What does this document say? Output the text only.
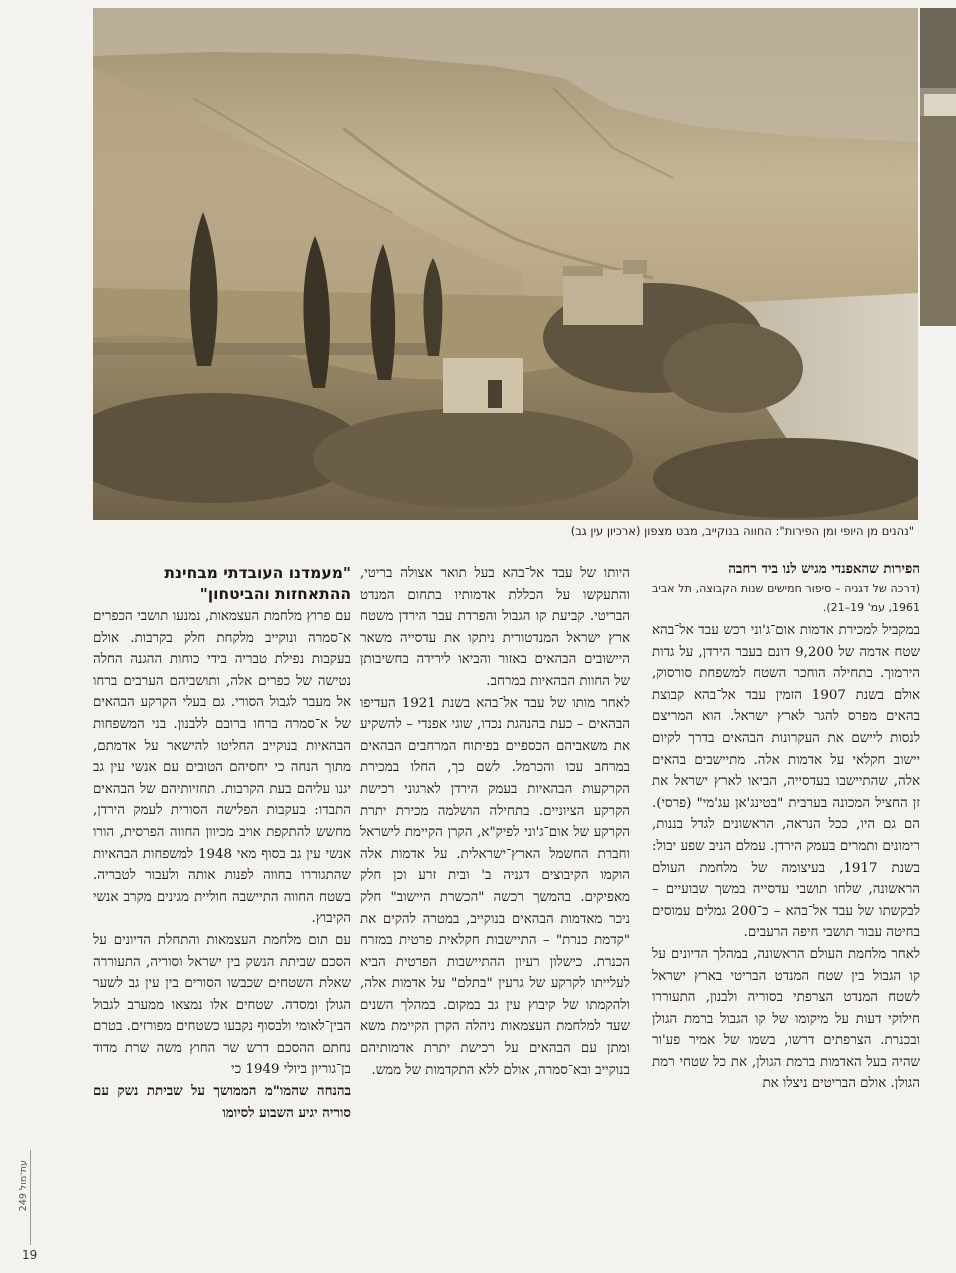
"נהנים מן היופי ומן הפירות": החווה בנוקייב, מבט מצפון (ארכיון עין גב)

הפירות שהאפנדי מגיש לנו ביד רחבה

(דרכה של דגניה – סיפור חמישים שנות הקבוצה, תל אביב 1961, עמ' 19–21).

במקביל למכירת אדמות אום־ג'וני רכש עבד אל־בהא שטח אדמה של 9,200 דונם בעבר הירדן, על גדות הירמוך. בתחילה הוחכר השטח למשפחת סורסוק, אולם בשנת 1907 הזמין עבד אל־בהא קבוצת בהאים מפרס להגר לארץ ישראל. הוא המריצם לנסות ליישם את העקרונות הבהאים בדרך לקיום יישוב חקלאי על אדמות אלה. מתיישבים בהאים אלה, שהתיישבו בעדסייה, הביאו לארץ ישראל את זן החציל המכונה בערבית "בטינג'אן עג'מי" (פרסי). הם גם היו, ככל הנראה, הראשונים לגדל בננות, רימונים ותמרים בעמק הירדן. עמלם הניב שפע יבול: בשנת 1917, בעיצומה של מלחמת העולם הראשונה, שלחו תושבי עדסייה במשך שבועיים – לבקשתו של עבד אל־בהא – כ־200 גמלים עמוסים בחיטה עבור תושבי חיפה הרעבים.

לאחר מלחמת העולם הראשונה, במהלך הדיונים על קו הגבול בין שטח המנדט הבריטי בארץ ישראל לשטח המנדט הצרפתי בסוריה ולבנון, התעוררו חילוקי דעות על מיקומו של קו הגבול ברמת הגולן ובכנרת. הצרפתים דרשו, בשמו של אמיר פע'ור שהיה בעל האדמות ברמת הגולן, את כל שטחי רמת הגולן. אולם הבריטים ניצלו את

היותו של עבד אל־בהא בעל תואר אצולה בריטי, והתעקשו על הכללת אדמותיו בתחום המנדט הבריטי. קביעת קו הגבול והפרדת עבר הירדן משטח ארץ ישראל המנדטורית ניתקו את עדסייה משאר היישובים הבהאים באזור והביאו לירידה בחשיבותן של החוות הבהאיות במרחב.

לאחר מותו של עבד אל־בהא בשנת 1921 העדיפו הבהאים – כעת בהנהגת נכדו, שוגי אפנדי – להשקיע את משאביהם הכספיים בפיתוח המרחבים הבהאים במרחב עכו והכרמל. לשם כך, החלו במכירת הקרקעות הבהאיות בעמק הירדן לארגוני רכישת הקרקע הציוניים. בתחילה הושלמה מכירת יתרת הקרקע של אום־ג'וני לפיק"א, הקרן הקיימת לישראל וחברת החשמל הארץ־ישראלית. על אדמות אלה הוקמו הקיבוצים דגניה ב' ובית זרע וכן חלק מאפיקים. בהמשך רכשה "הכשרת היישוב" חלק ניכר מאדמות הבהאים בנוקייב, במטרה להקים את "קדמת כנרת" – התיישבות חקלאית פרטית במזרח הכנרת. כישלון רעיון ההתיישבות הפרטית הביא לעלייתו לקרקע של גרעין "בתלם" על אדמות אלה, ולהקמתו של קיבוץ עין גב במקום. במהלך השנים שעד למלחמת העצמאות ניהלה הקרן הקיימת משא ומתן עם הבהאים על רכישת יתרת אדמותיהם בנוקייב ובא־סמרה, אולם ללא התקדמות של ממש.

"מעמדנו העובדתי מבחינת ההתאחזות והביטחון"

עם פרוץ מלחמת העצמאות, נמנעו תושבי הכפרים א־סמרה ונוקייב מלקחת חלק בקרבות. אולם בעקבות נפילת טבריה בידי כוחות ההגנה החלה נטישה של כפרים אלה, ותושביהם הערבים ברחו אל מעבר לגבול הסורי. גם בעלי הקרקע הבהאים של א־סמרה ברחו ברובם ללבנון. בני המשפחות הבהאיות בנוקייב החליטו להישאר על אדמתם, מתוך הנחה כי יחסיהם הטובים עם אנשי עין גב יגנו עליהם בעת הקרבות. תחזיותיהם של הבהאים התבדו: בעקבות הפלישה הסורית לעמק הירדן, מחשש להתקפת אויב מכיוון החווה הפרסית, הורו אנשי עין גב בסוף מאי 1948 למשפחות הבהאיות שהתגוררו בחווה לפנות אותה ולעבור לטבריה. בשטח החווה התיישבה חוליית מגינים מקרב אנשי הקיבוץ.

עם תום מלחמת העצמאות והתחלת הדיונים על הסכם שביתת הנשק בין ישראל וסוריה, התעוררה שאלת השטחים שכבשו הסורים בין עין גב לשער הגולן ומסדה. שטחים אלו נמצאו ממערב לגבול הבין־לאומי ולבסוף נקבעו כשטחים מפורזים. בטרם נחתם ההסכם דרש שר החוץ משה שרת מדוד בן־גוריון ביולי 1949 כי

בהנחה שהמו"מ הממושך על שביתת נשק עם סוריה יגיע השבוע לסיומו

עת־מול 249
19
